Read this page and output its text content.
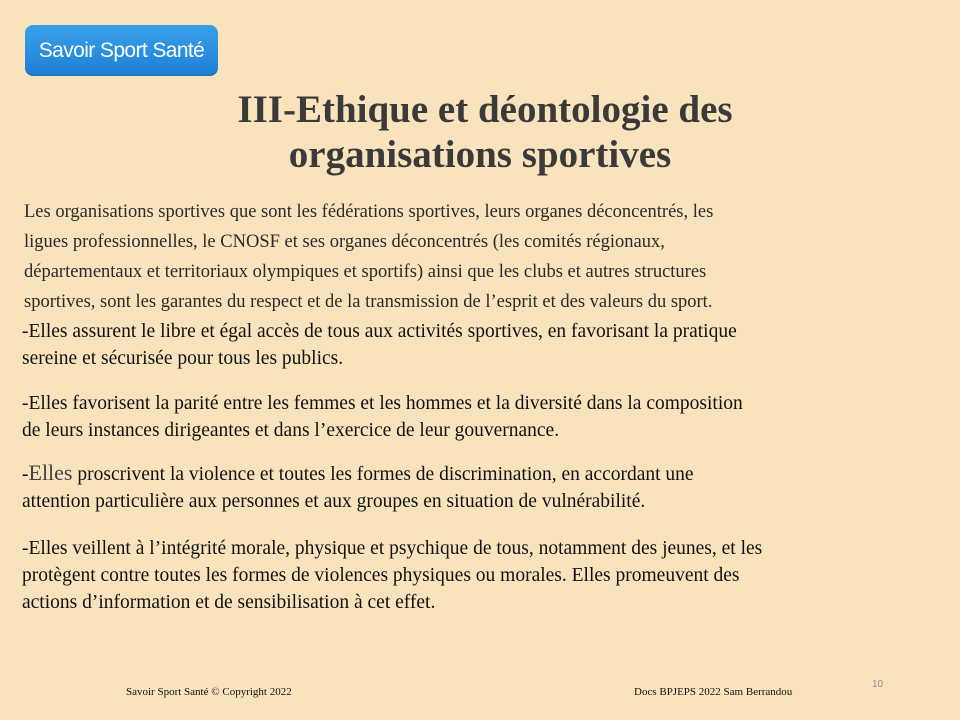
Savoir Sport Santé
III-Ethique et déontologie des
organisations sportives
Les organisations sportives que sont les fédérations sportives, leurs organes déconcentrés, les
ligues professionnelles, le CNOSF et ses organes déconcentrés (les comités régionaux,
départementaux et territoriaux olympiques et sportifs) ainsi que les clubs et autres structures
sportives, sont les garantes du respect et de la transmission de l’esprit et des valeurs du sport.
-Elles assurent le libre et égal accès de tous aux activités sportives, en favorisant la pratique
sereine et sécurisée pour tous les publics.
-Elles favorisent la parité entre les femmes et les hommes et la diversité dans la composition
de leurs instances dirigeantes et dans l’exercice de leur gouvernance.
-Elles proscrivent la violence et toutes les formes de discrimination, en accordant une
attention particulière aux personnes et aux groupes en situation de vulnérabilité.
-Elles veillent à l’intégrité morale, physique et psychique de tous, notamment des jeunes, et les
protègent contre toutes les formes de violences physiques ou morales. Elles promeuvent des
actions d’information et de sensibilisation à cet effet.
Savoir Sport Santé © Copyright 2022	Docs BPJEPS 2022 Sam Berrandou
10
